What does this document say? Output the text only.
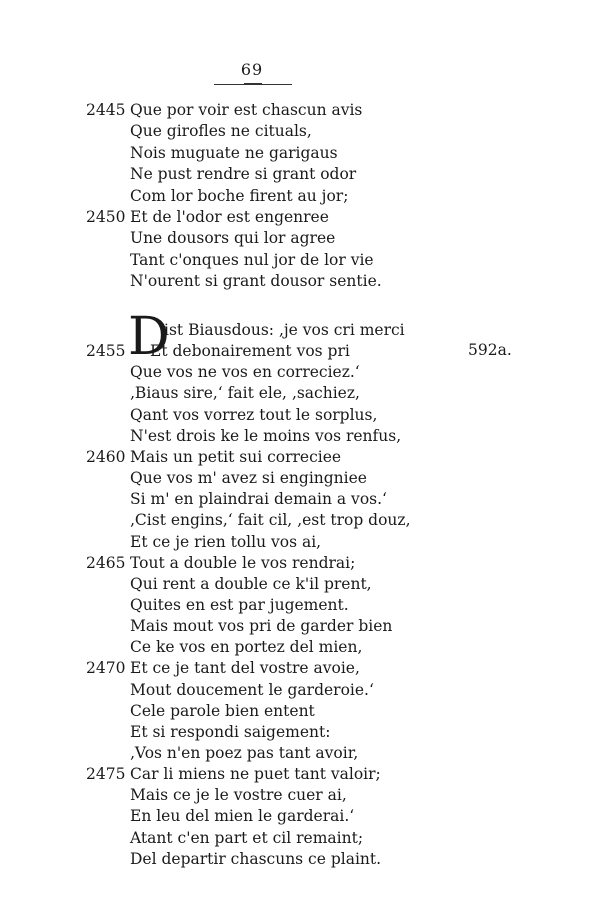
69
2445 Que por voir est chascun avis
Que girofles ne cituals,
Nois muguate ne garigaus
Ne pust rendre si grant odor
Com lor boche firent au jor;
2450 Et de l'odor est engenree
Une dousors qui lor agree
Tant c'onques nul jor de lor vie
N'ourent si grant dousor sentie.
D
ist Biausdous: ‚je vos cri merci
2455 Et debonairement vos pri
Que vos ne vos en correciez.‘
‚Biaus sire,‘ fait ele, ‚sachiez,
Qant vos vorrez tout le sorplus,
N'est drois ke le moins vos renfus,
2460 Mais un petit sui correciee
Que vos m' avez si engingniee
Si m' en plaindrai demain a vos.‘
‚Cist engins,‘ fait cil, ‚est trop douz,
Et ce je rien tollu vos ai,
2465 Tout a double le vos rendrai;
Qui rent a double ce k'il prent,
Quites en est par jugement.
Mais mout vos pri de garder bien
Ce ke vos en portez del mien,
2470 Et ce je tant del vostre avoie,
Mout doucement le garderoie.‘
Cele parole bien entent
Et si respondi saigement:
‚Vos n'en poez pas tant avoir,
2475 Car li miens ne puet tant valoir;
Mais ce je le vostre cuer ai,
En leu del mien le garderai.‘
Atant c'en part et cil remaint;
Del departir chascuns ce plaint.
592a.
